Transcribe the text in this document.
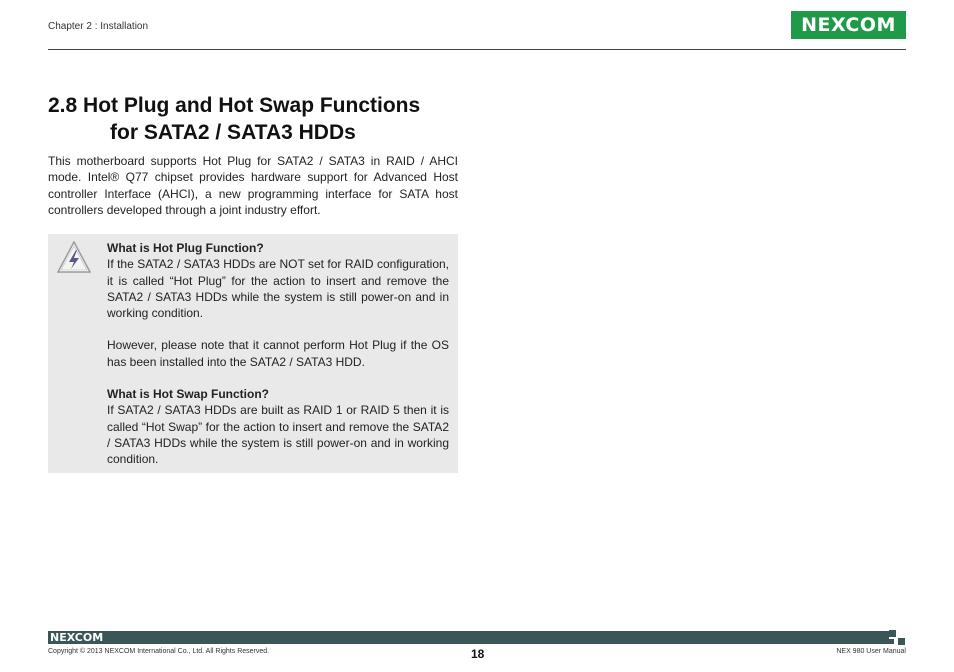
Chapter 2 : Installation	NEXCOM
2.8 Hot Plug and Hot Swap Functions
for SATA2 / SATA3 HDDs
This motherboard supports Hot Plug for SATA2 / SATA3 in RAID / AHCI mode. Intel® Q77 chipset provides hardware support for Advanced Host controller Interface (AHCI), a new programming interface for SATA host controllers developed through a joint industry effort.
What is Hot Plug Function?

If the SATA2 / SATA3 HDDs are NOT set for RAID configuration, it is called “Hot Plug” for the action to insert and remove the SATA2 / SATA3 HDDs while the system is still power-on and in working condition.

However, please note that it cannot perform Hot Plug if the OS has been installed into the SATA2 / SATA3 HDD.

What is Hot Swap Function?

If SATA2 / SATA3 HDDs are built as RAID 1 or RAID 5 then it is called “Hot Swap” for the action to insert and remove the SATA2 / SATA3 HDDs while the system is still power-on and in working condition.

NEXCOM
Copyright © 2013 NEXCOM International Co., Ltd. All Rights Reserved.	18	NEX 980 User Manual
